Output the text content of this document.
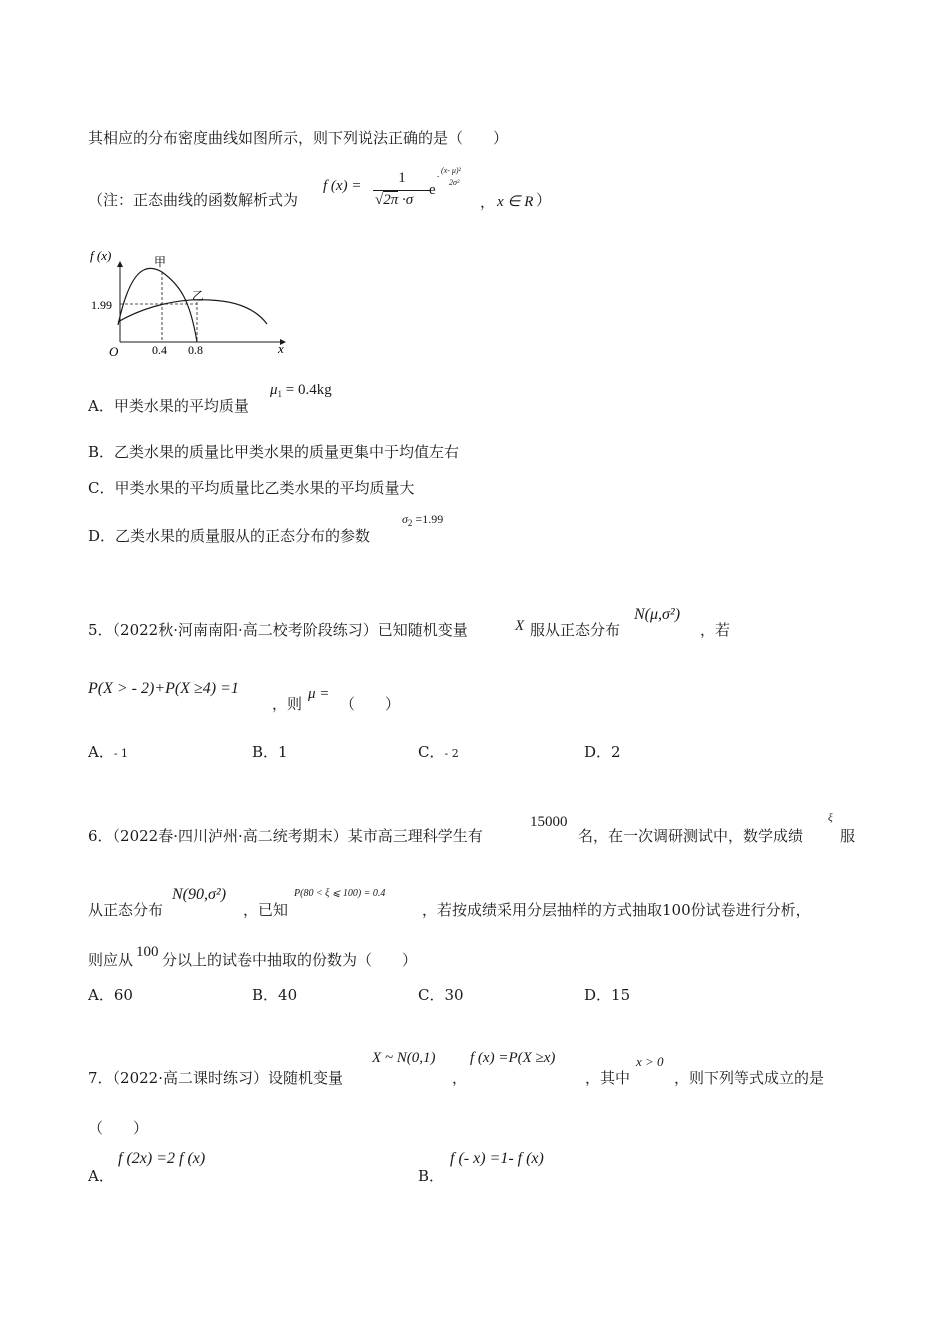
其相应的分布密度曲线如图所示，则下列说法正确的是（　　）
（注：正态曲线的函数解析式为
f (x) =	1
√2π ·σ
e
-
(x- μ)²
2σ²
， x ∈ R ）
f (x)
x
O
1.99
0.4 0.8
甲
乙
A．甲类水果的平均质量
$\mu_1 = 0.4kg$
B．乙类水果的质量比甲类水果的质量更集中于均值左右
C．甲类水果的平均质量比乙类水果的平均质量大
D．乙类水果的质量服从的正态分布的参数
$\sigma_2 =1.99$
5．（2022秋·河南南阳·高二校考阶段练习）已知随机变量	X 服从正态分布
N(μ,σ²)
，若
P(X > - 2)+P(X ≥4) =1
，则
μ =
（　　）
A．- 1	B．1	C．- 2	D．2
6．（2022春·四川泸州·高二统考期末）某市高三理科学生有
15000
名，在一次调研测试中，数学成绩
ξ
服
从正态分布
N(90,σ²)
，已知
P(80 < ξ ⩽ 100) = 0.4
，若按成绩采用分层抽样的方式抽取100份试卷进行分析，
则应从 100 分以上的试卷中抽取的份数为（　　）
A．60	B．40	C．30	D．15
7．（2022·高二课时练习）设随机变量
X ~ N(0,1)
，
f (x) =P(X ≥x)
，其中
x > 0
，则下列等式成立的是
（　　）
A．
f (2x) =2 f (x)
B．
f (- x) =1- f (x)
